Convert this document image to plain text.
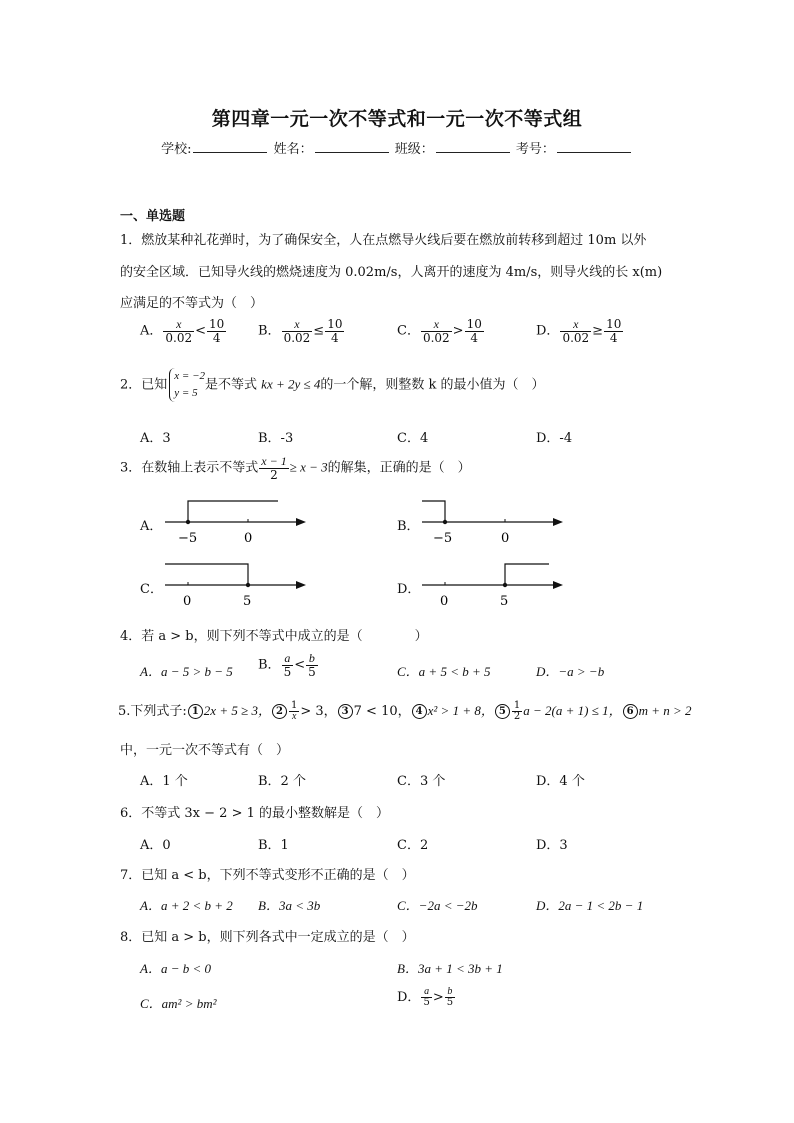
第四章一元一次不等式和一元一次不等式组
学校:	姓名：	班级：	考号：
一、单选题
1．燃放某种礼花弹时，为了确保安全，人在点燃导火线后要在燃放前转移到超过 10m 以外
的安全区域．已知导火线的燃烧速度为 0.02m/s，人离开的速度为 4m/s，则导火线的长 x(m)
应满足的不等式为（　）
A． $\frac{x}{0.02} < \frac{10}{4}$ B． $\frac{x}{0.02} \le \frac{10}{4}$	C． $\frac{x}{0.02} > \frac{10}{4}$	D． $\frac{x}{0.02} \ge \frac{10}{4}$
2．已知x = −2
y = 5是不等式 kx + 2y ≤ 4的一个解，则整数 k 的最小值为（　）
A．3	B．-3	C．4	D．-4
3．在数轴上表示不等式 $\frac{x - 1}{2} \ge x - 3$的解集，正确的是（　）
A．
−5	0
B．
−5	0
C．
0	5
D．
0	5
4．若 a > b，则下列不等式中成立的是（　　　　）
A．a − 5 > b − 5 B． $\frac{a}{5} < \frac{b}{5}$	C．a + 5 < b + 5	D．−a > −b
5.下列式子: 1 2x + 5 ≥ 3， $2 \frac{1}{x} > 3$， 3 7 < 10， 4 x² > 1 + 8， $5 \frac{1}{2}$ a − 2(a + 1) ≤ 1， 6 m + n > 2
中，一元一次不等式有（　）
A．1 个	B．2 个	C．3 个	D．4 个
6．不等式 3x − 2 > 1 的最小整数解是（　）
A．0	B．1	C．2	D．3
7．已知 a < b，下列不等式变形不正确的是（　）
A．a + 2 < b + 2 B．3a < 3b	C．−2a < −2b	D．2a − 1 < 2b − 1
8．已知 a > b，则下列各式中一定成立的是（　）
A．a − b < 0	B．3a + 1 < 3b + 1
C．am² > bm²	D． $\frac{a}{5} > \frac{b}{5}$
